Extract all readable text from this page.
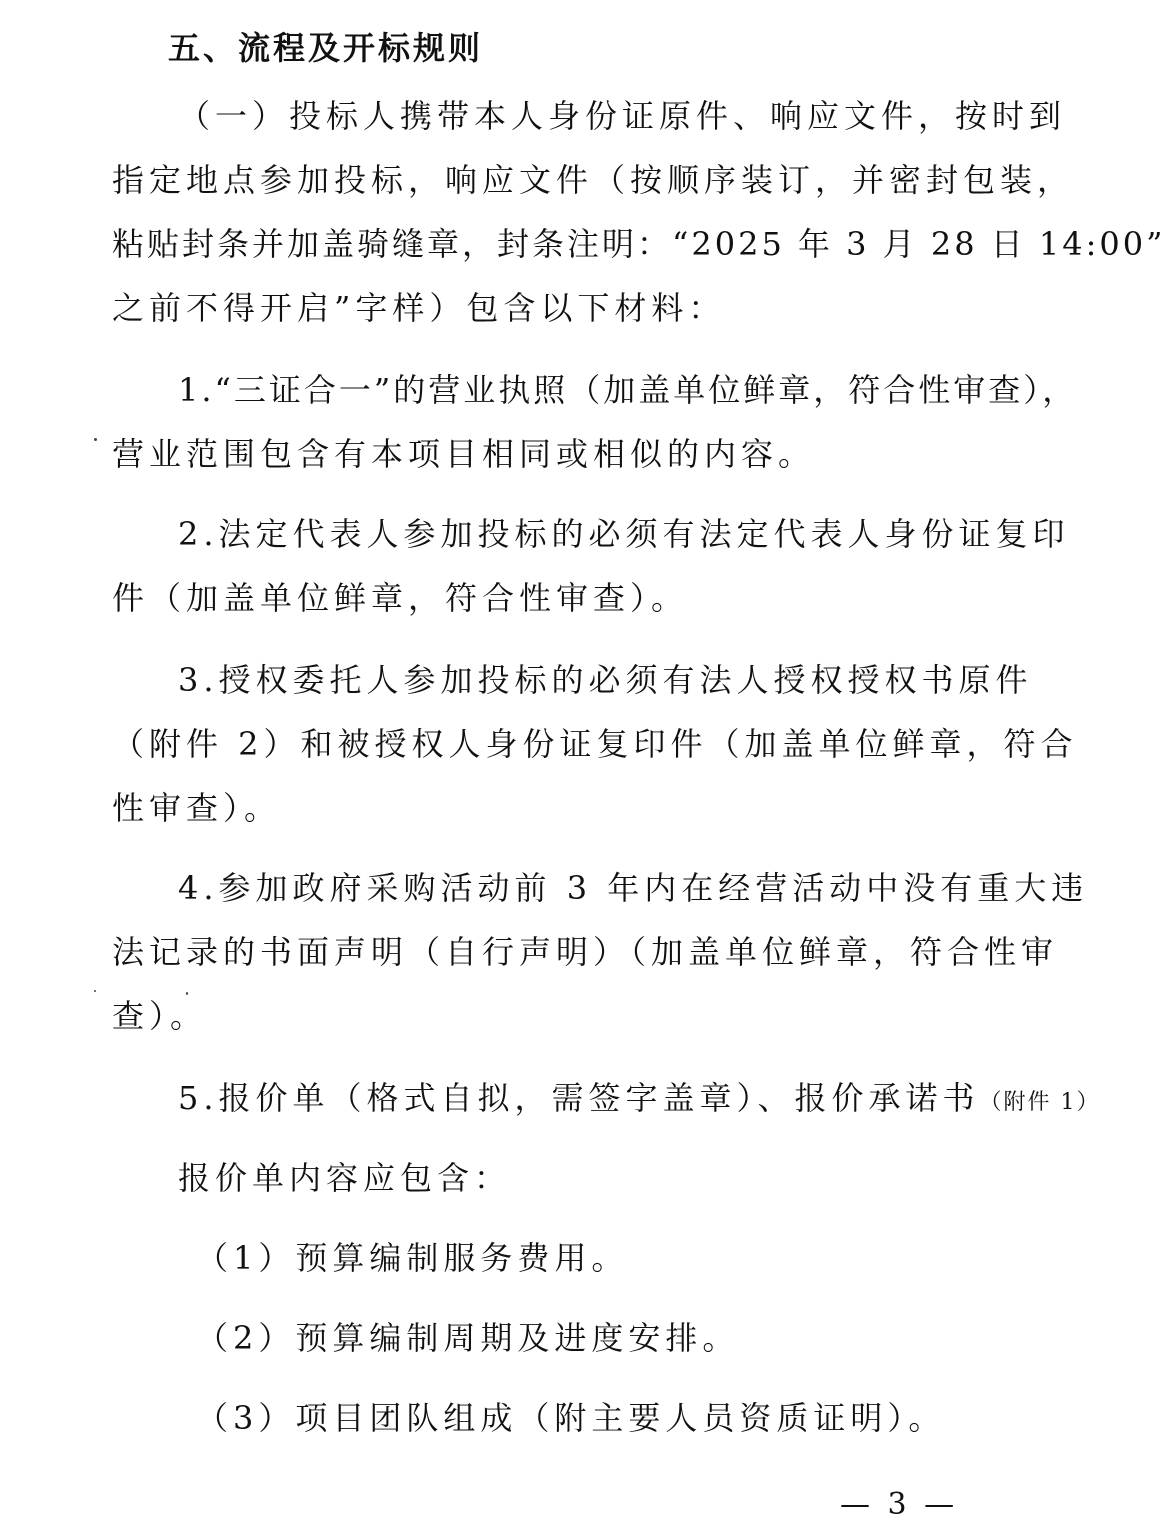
五、流程及开标规则
（一）投标人携带本人身份证原件、响应文件，按时到
指定地点参加投标，响应文件（按顺序装订，并密封包装，
粘贴封条并加盖骑缝章，封条注明：“2025 年 3 月 28 日 14:00”
之前不得开启”字样）包含以下材料：
1.“三证合一”的营业执照（加盖单位鲜章，符合性审查），
营业范围包含有本项目相同或相似的内容。
2.法定代表人参加投标的必须有法定代表人身份证复印
件（加盖单位鲜章，符合性审查）。
3.授权委托人参加投标的必须有法人授权授权书原件
（附件 2）和被授权人身份证复印件（加盖单位鲜章，符合
性审查）。
4.参加政府采购活动前 3 年内在经营活动中没有重大违
法记录的书面声明（自行声明）（加盖单位鲜章，符合性审
查）。
5.报价单（格式自拟，需签字盖章）、报价承诺书（附件 1）
报价单内容应包含：
（1）预算编制服务费用。
（2）预算编制周期及进度安排。
（3）项目团队组成（附主要人员资质证明）。
— 3 —
